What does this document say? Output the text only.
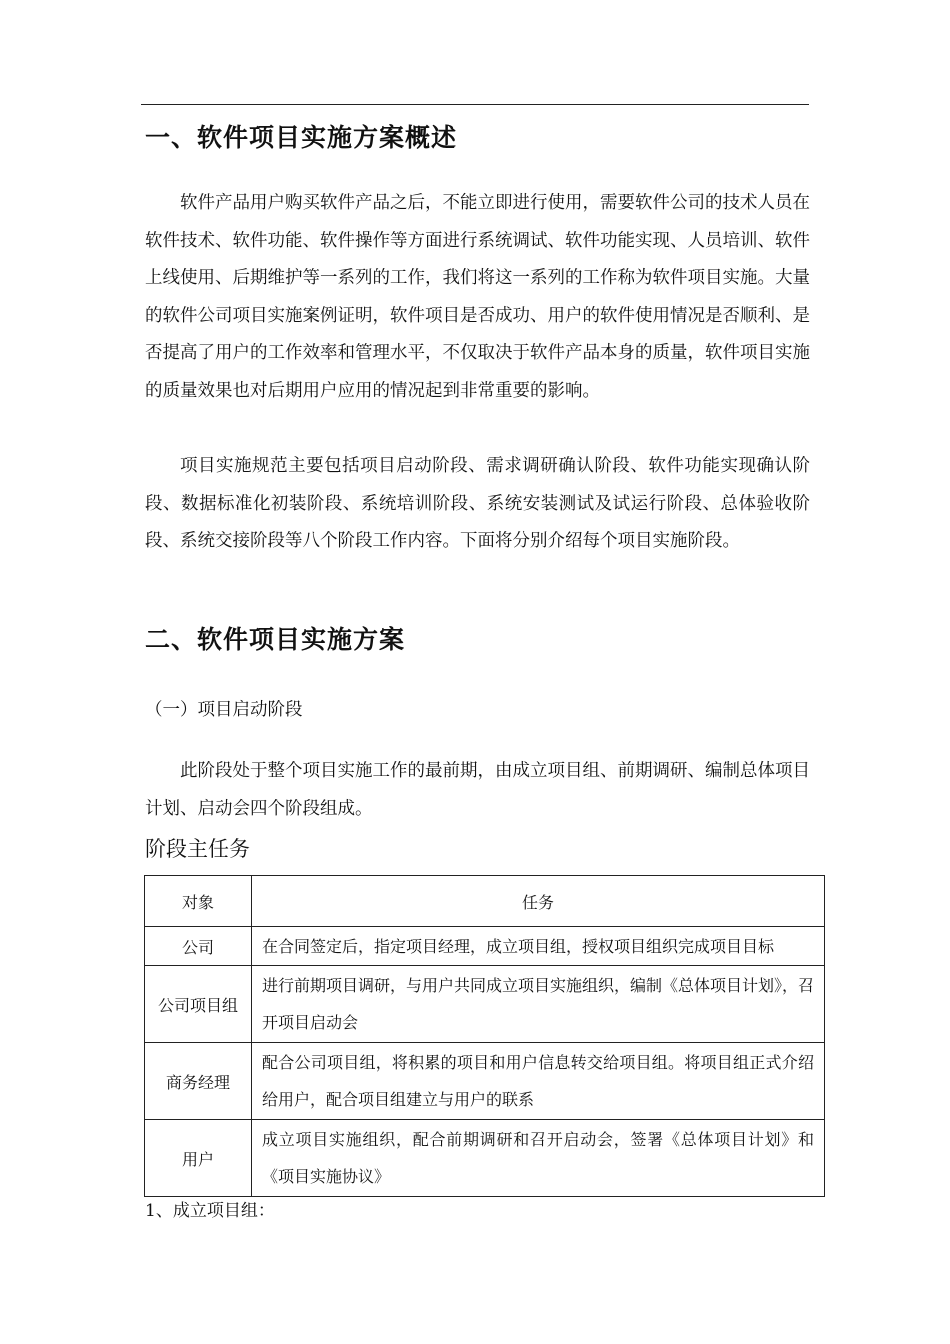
一、软件项目实施方案概述
软件产品用户购买软件产品之后，不能立即进行使用，需要软件公司的技术人员在软件技术、软件功能、软件操作等方面进行系统调试、软件功能实现、人员培训、软件上线使用、后期维护等一系列的工作，我们将这一系列的工作称为软件项目实施。大量的软件公司项目实施案例证明，软件项目是否成功、用户的软件使用情况是否顺利、是否提高了用户的工作效率和管理水平，不仅取决于软件产品本身的质量，软件项目实施的质量效果也对后期用户应用的情况起到非常重要的影响。
项目实施规范主要包括项目启动阶段、需求调研确认阶段、软件功能实现确认阶段、数据标准化初装阶段、系统培训阶段、系统安装测试及试运行阶段、总体验收阶段、系统交接阶段等八个阶段工作内容。下面将分别介绍每个项目实施阶段。
二、软件项目实施方案
（一）项目启动阶段
此阶段处于整个项目实施工作的最前期，由成立项目组、前期调研、编制总体项目计划、启动会四个阶段组成。
阶段主任务
对象	任务
公司	在合同签定后，指定项目经理，成立项目组，授权项目组织完成项目目标
公司项目组	进行前期项目调研，与用户共同成立项目实施组织，编制《总体项目计划》，召开项目启动会
商务经理	配合公司项目组，将积累的项目和用户信息转交给项目组。将项目组正式介绍给用户，配合项目组建立与用户的联系
用户	成立项目实施组织，配合前期调研和召开启动会，签署《总体项目计划》和《项目实施协议》
1、成立项目组：
